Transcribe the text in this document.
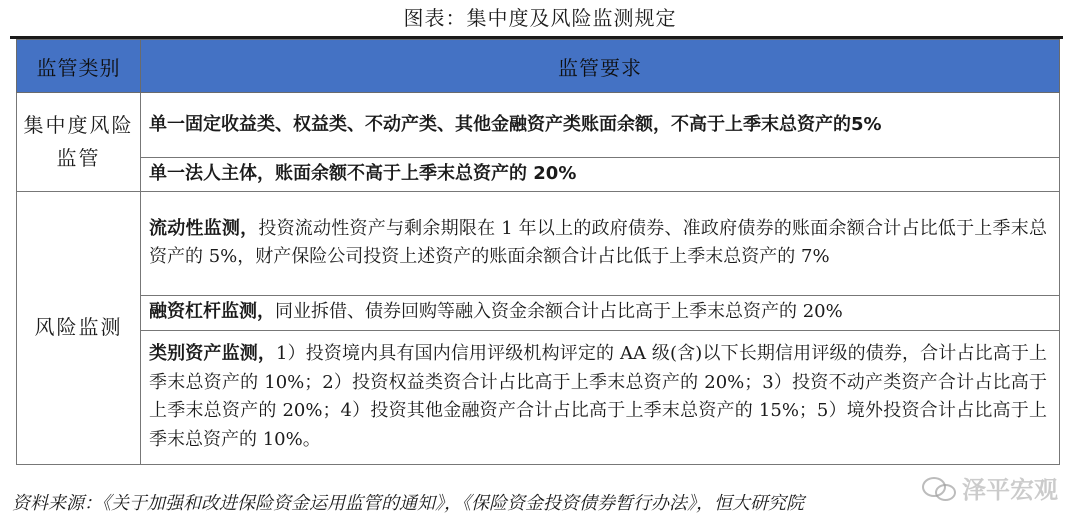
图表：集中度及风险监测规定
监管类别	监管要求
集中度风险监管	单一固定收益类、权益类、不动产类、其他金融资产类账面余额，不高于上季末总资产的5%
	单一法人主体，账面余额不高于上季末总资产的 20%
风险监测	流动性监测，投资流动性资产与剩余期限在 1 年以上的政府债券、准政府债券的账面余额合计占比低于上季末总资产的 5%，财产保险公司投资上述资产的账面余额合计占比低于上季末总资产的 7%
	融资杠杆监测，同业拆借、债券回购等融入资金余额合计占比高于上季末总资产的 20%
	类别资产监测，1）投资境内具有国内信用评级机构评定的 AA 级(含)以下长期信用评级的债券，合计占比高于上季末总资产的 10%；2）投资权益类资合计占比高于上季末总资产的 20%；3）投资不动产类资产合计占比高于上季末总资产的 20%；4）投资其他金融资产合计占比高于上季末总资产的 15%；5）境外投资合计占比高于上季末总资产的 10%。
资料来源：《关于加强和改进保险资金运用监管的通知》，《保险资金投资债券暂行办法》，恒大研究院	泽平宏观
